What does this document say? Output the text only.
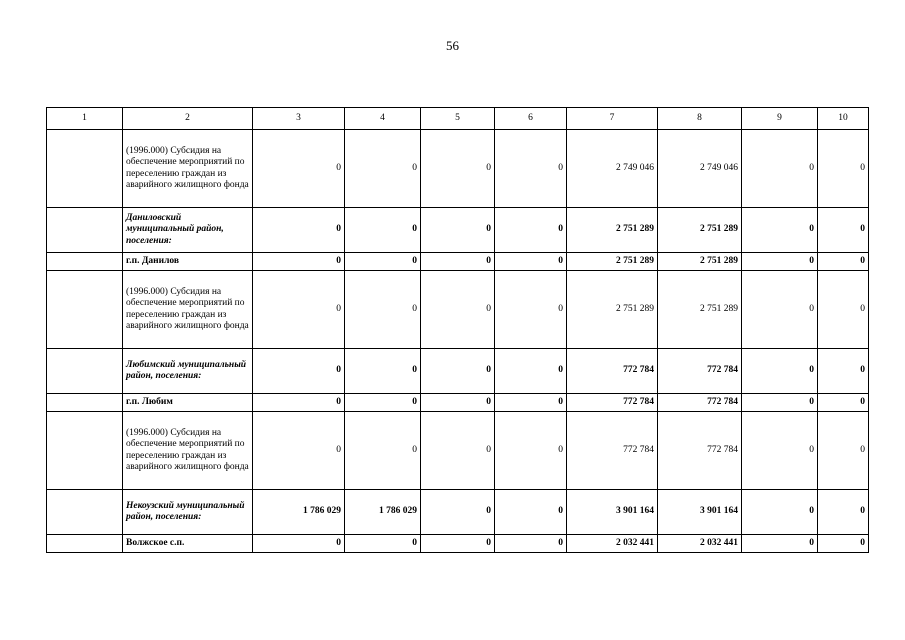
56
1	2	3	4	5	6	7	8	9	10
	(1996.000) Субсидия на обеспечение мероприятий по переселению граждан из аварийного жилищного фонда	0	0	0	0	2 749 046	2 749 046	0	0
	Даниловский муниципальный район, поселения:	0	0	0	0	2 751 289	2 751 289	0	0
	г.п. Данилов	0	0	0	0	2 751 289	2 751 289	0	0
	(1996.000) Субсидия на обеспечение мероприятий по переселению граждан из аварийного жилищного фонда	0	0	0	0	2 751 289	2 751 289	0	0
	Любимский муниципальный район, поселения:	0	0	0	0	772 784	772 784	0	0
	г.п. Любим	0	0	0	0	772 784	772 784	0	0
	(1996.000) Субсидия на обеспечение мероприятий по переселению граждан из аварийного жилищного фонда	0	0	0	0	772 784	772 784	0	0
	Некоузский муниципальный район, поселения:	1 786 029	1 786 029	0	0	3 901 164	3 901 164	0	0
	Волжское с.п.	0	0	0	0	2 032 441	2 032 441	0	0
